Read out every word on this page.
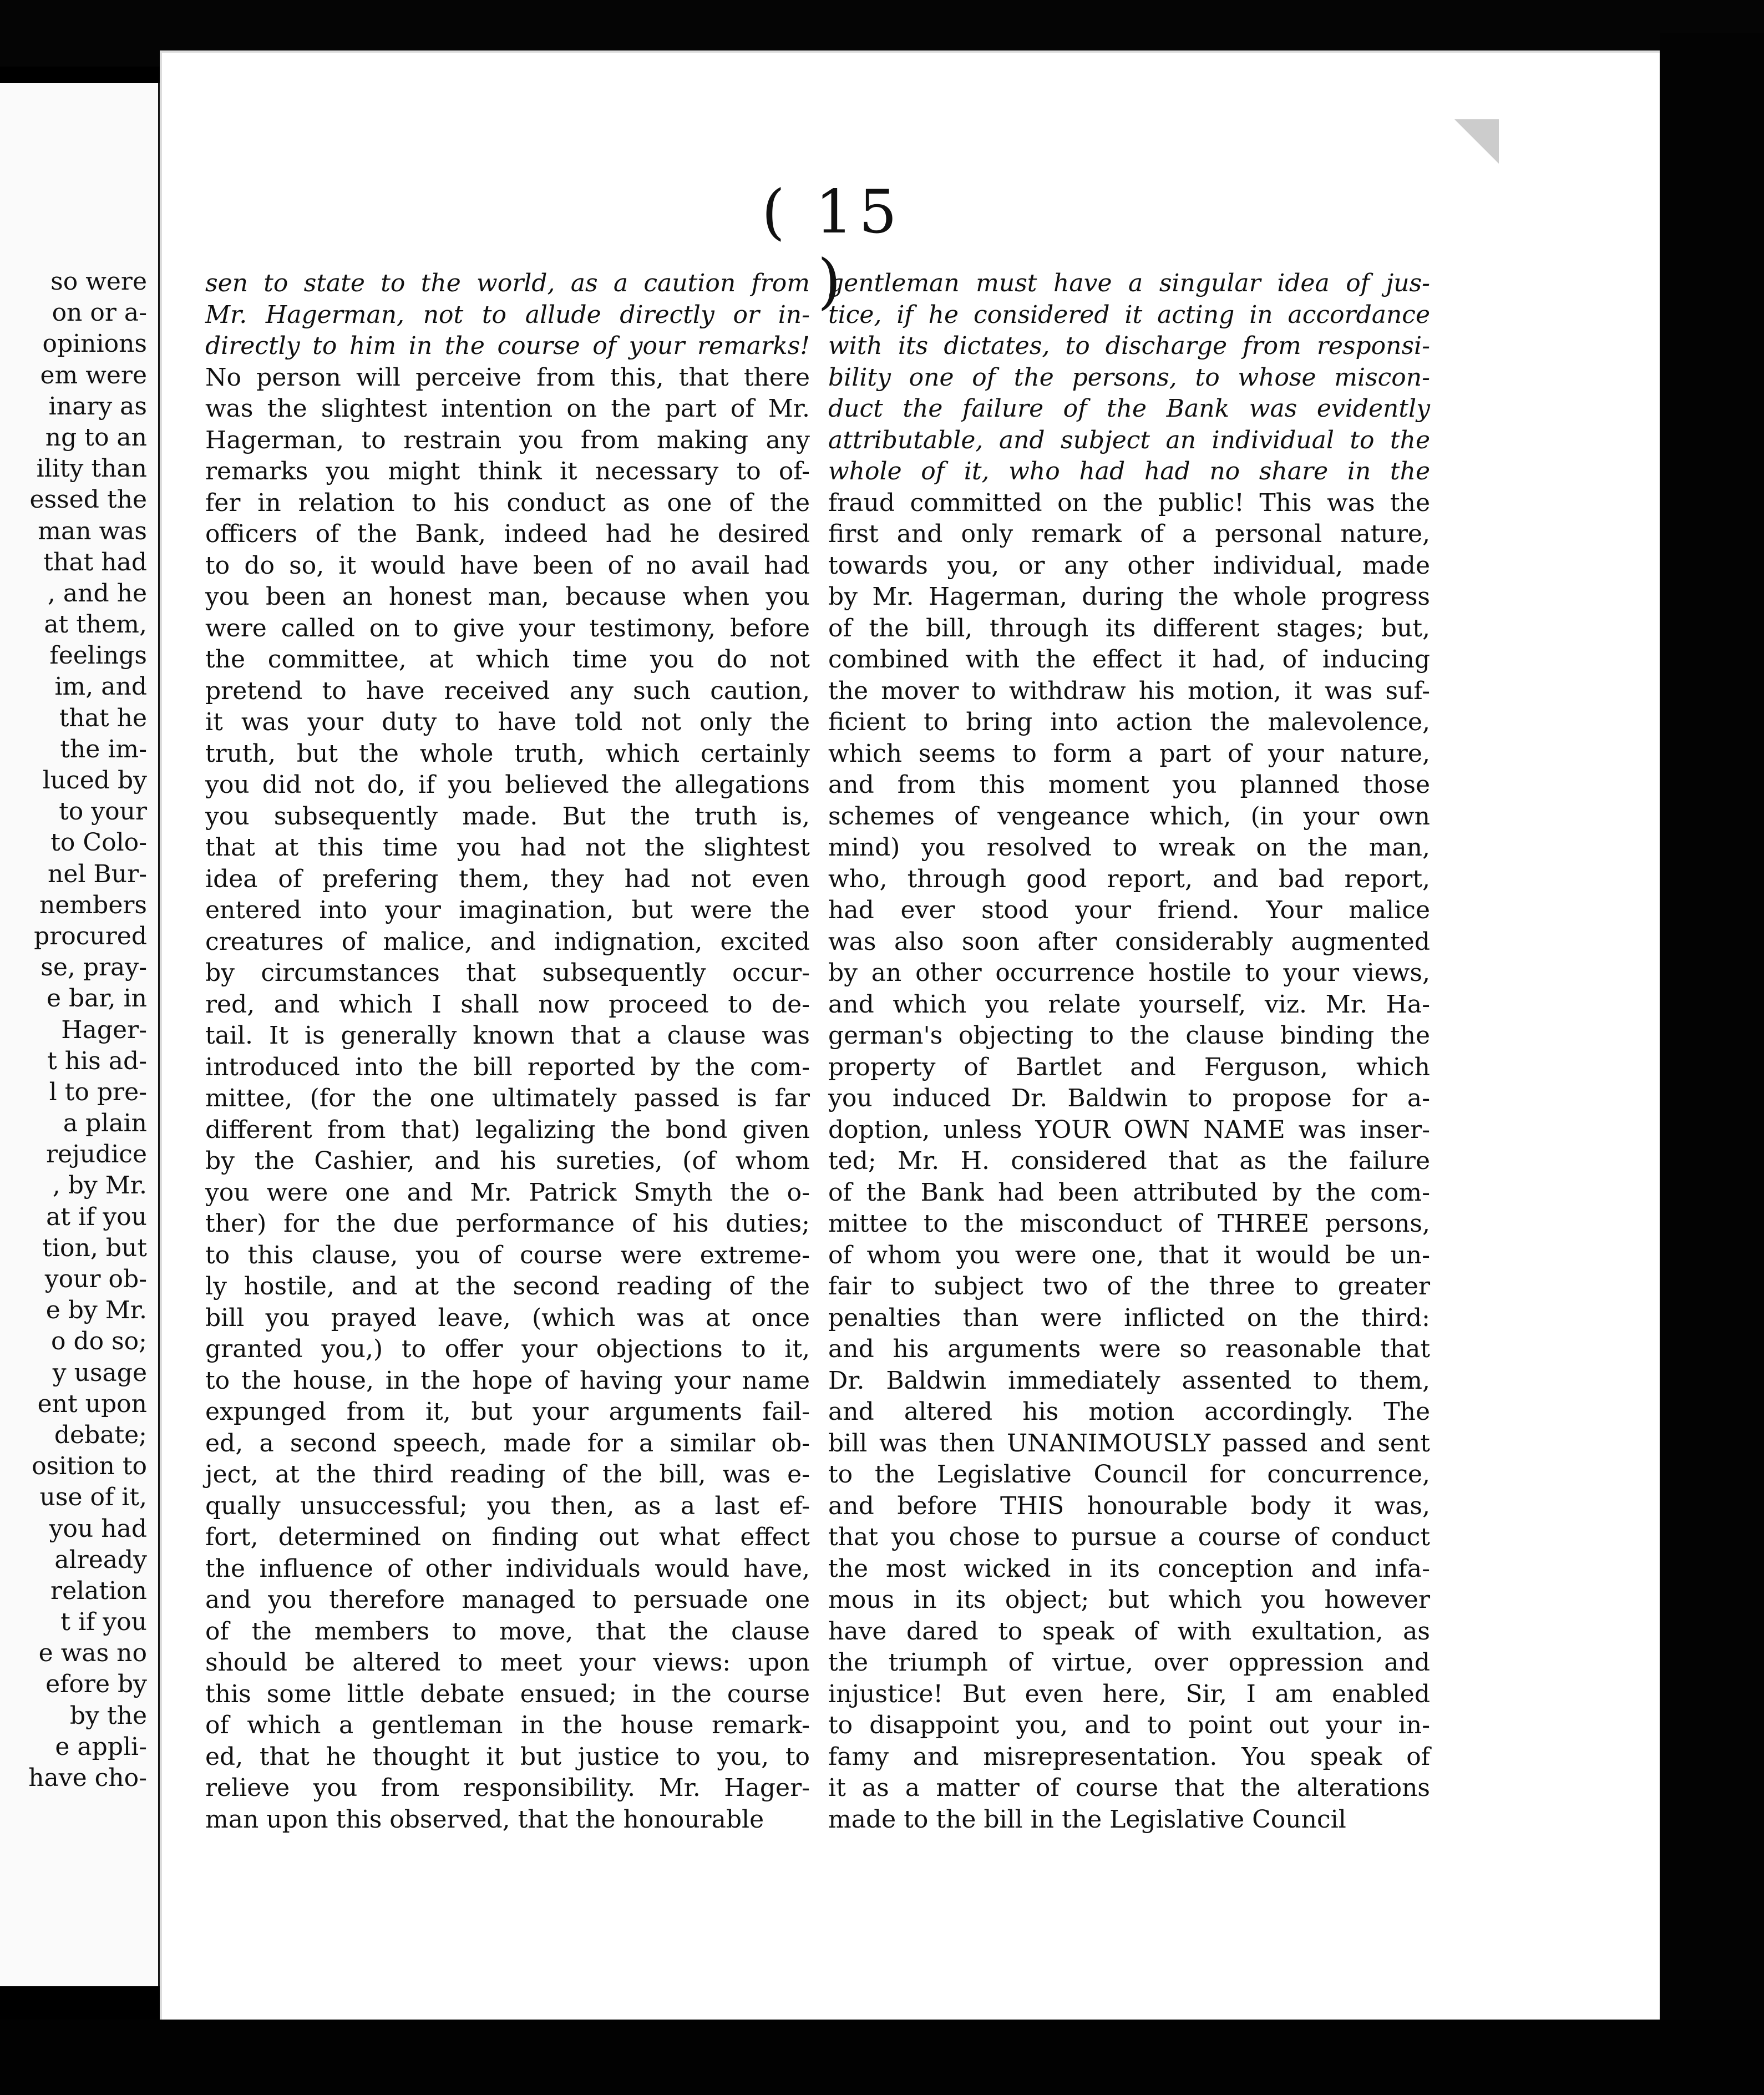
so were
on or a-
opinions
em were
inary as
ng to an
ility than
essed the
man was
that had
, and he
at them,
feelings
im, and
that he
the im-
luced by
to your
to Colo-
nel Bur-
nembers
procured
se, pray-
e bar, in
Hager-
t his ad-
l to pre-
a plain
rejudice
, by Mr.
at if you
tion, but
your ob-
e by Mr.
o do so;
y usage
ent upon
debate;
osition to
use of it,
you had
already
relation
t if you
e was no
efore by
by the
e appli-
have cho-
( 15 )
sen to state to the world, as a caution from
Mr. Hagerman, not to allude directly or in-
directly to him in the course of your remarks!
No person will perceive from this, that there
was the slightest intention on the part of Mr.
Hagerman, to restrain you from making any
remarks you might think it necessary to of-
fer in relation to his conduct as one of the
officers of the Bank, indeed had he desired
to do so, it would have been of no avail had
you been an honest man, because when you
were called on to give your testimony, before
the committee, at which time you do not
pretend to have received any such caution,
it was your duty to have told not only the
truth, but the whole truth, which certainly
you did not do, if you believed the allegations
you subsequently made. But the truth is,
that at this time you had not the slightest
idea of prefering them, they had not even
entered into your imagination, but were the
creatures of malice, and indignation, excited
by circumstances that subsequently occur-
red, and which I shall now proceed to de-
tail. It is generally known that a clause was
introduced into the bill reported by the com-
mittee, (for the one ultimately passed is far
different from that) legalizing the bond given
by the Cashier, and his sureties, (of whom
you were one and Mr. Patrick Smyth the o-
ther) for the due performance of his duties;
to this clause, you of course were extreme-
ly hostile, and at the second reading of the
bill you prayed leave, (which was at once
granted you,) to offer your objections to it,
to the house, in the hope of having your name
expunged from it, but your arguments fail-
ed, a second speech, made for a similar ob-
ject, at the third reading of the bill, was e-
qually unsuccessful; you then, as a last ef-
fort, determined on finding out what effect
the influence of other individuals would have,
and you therefore managed to persuade one
of the members to move, that the clause
should be altered to meet your views: upon
this some little debate ensued; in the course
of which a gentleman in the house remark-
ed, that he thought it but justice to you, to
relieve you from responsibility. Mr. Hager-
man upon this observed, that the honourable
gentleman must have a singular idea of jus-
tice, if he considered it acting in accordance
with its dictates, to discharge from responsi-
bility one of the persons, to whose miscon-
duct the failure of the Bank was evidently
attributable, and subject an individual to the
whole of it, who had had no share in the
fraud committed on the public! This was the
first and only remark of a personal nature,
towards you, or any other individual, made
by Mr. Hagerman, during the whole progress
of the bill, through its different stages; but,
combined with the effect it had, of inducing
the mover to withdraw his motion, it was suf-
ficient to bring into action the malevolence,
which seems to form a part of your nature,
and from this moment you planned those
schemes of vengeance which, (in your own
mind) you resolved to wreak on the man,
who, through good report, and bad report,
had ever stood your friend. Your malice
was also soon after considerably augmented
by an other occurrence hostile to your views,
and which you relate yourself, viz. Mr. Ha-
german's objecting to the clause binding the
property of Bartlet and Ferguson, which
you induced Dr. Baldwin to propose for a-
doption, unless YOUR OWN NAME was inser-
ted; Mr. H. considered that as the failure
of the Bank had been attributed by the com-
mittee to the misconduct of THREE persons,
of whom you were one, that it would be un-
fair to subject two of the three to greater
penalties than were inflicted on the third:
and his arguments were so reasonable that
Dr. Baldwin immediately assented to them,
and altered his motion accordingly. The
bill was then UNANIMOUSLY passed and sent
to the Legislative Council for concurrence,
and before THIS honourable body it was,
that you chose to pursue a course of conduct
the most wicked in its conception and infa-
mous in its object; but which you however
have dared to speak of with exultation, as
the triumph of virtue, over oppression and
injustice! But even here, Sir, I am enabled
to disappoint you, and to point out your in-
famy and misrepresentation. You speak of
it as a matter of course that the alterations
made to the bill in the Legislative Council
